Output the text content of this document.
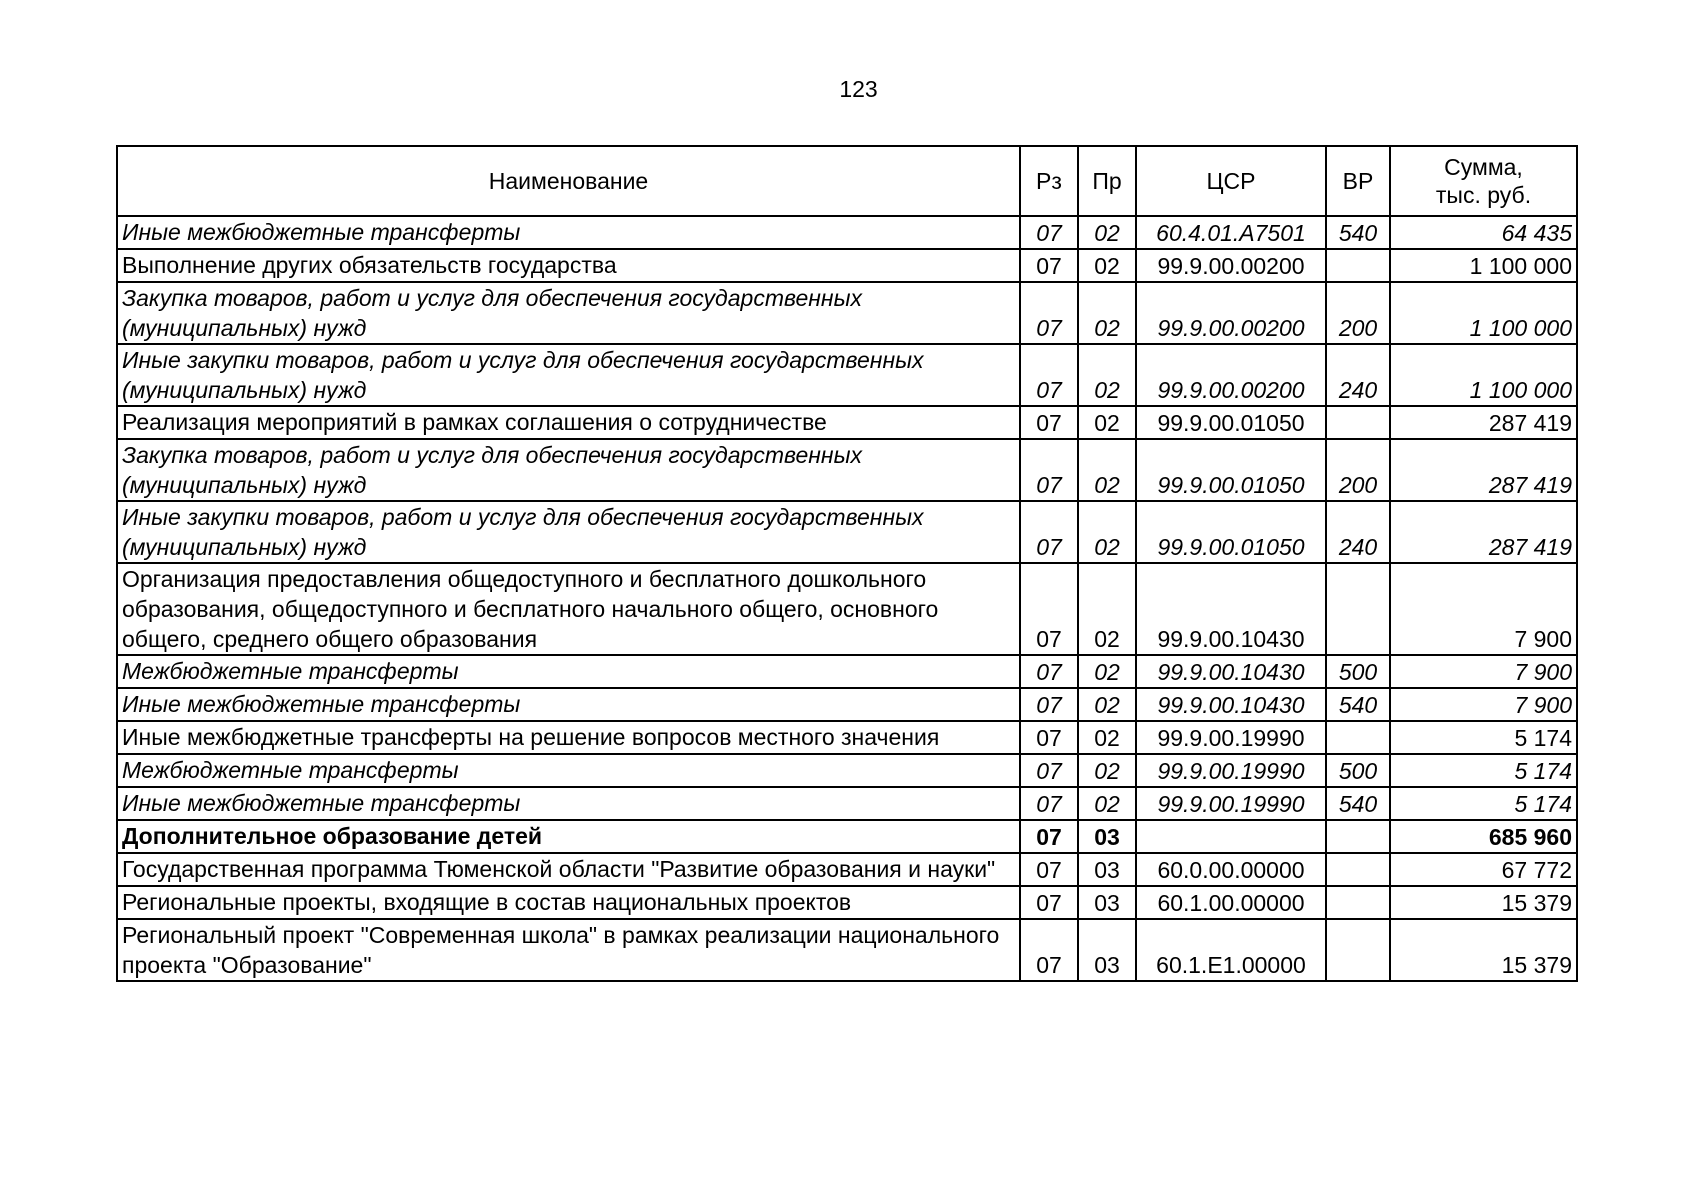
123
Наименование	Рз	Пр	ЦСР	ВР	Сумма,
тыс. руб.

Иные межбюджетные трансферты	07	02	60.4.01.А7501	540	64 435
Выполнение других обязательств государства	07	02	99.9.00.00200		1 100 000
Закупка товаров, работ и услуг для обеспечения государственных (муниципальных) нужд	07	02	99.9.00.00200	200	1 100 000
Иные закупки товаров, работ и услуг для обеспечения государственных (муниципальных) нужд	07	02	99.9.00.00200	240	1 100 000
Реализация мероприятий в рамках соглашения о сотрудничестве	07	02	99.9.00.01050		287 419
Закупка товаров, работ и услуг для обеспечения государственных (муниципальных) нужд	07	02	99.9.00.01050	200	287 419
Иные закупки товаров, работ и услуг для обеспечения государственных (муниципальных) нужд	07	02	99.9.00.01050	240	287 419
Организация предоставления общедоступного и бесплатного дошкольного образования, общедоступного и бесплатного начального общего, основного общего, среднего общего образования	07	02	99.9.00.10430		7 900
Межбюджетные трансферты	07	02	99.9.00.10430	500	7 900
Иные межбюджетные трансферты	07	02	99.9.00.10430	540	7 900
Иные межбюджетные трансферты на решение вопросов местного значения	07	02	99.9.00.19990		5 174
Межбюджетные трансферты	07	02	99.9.00.19990	500	5 174
Иные межбюджетные трансферты	07	02	99.9.00.19990	540	5 174
Дополнительное образование детей	07	03			685 960
Государственная программа Тюменской области "Развитие образования и науки"	07	03	60.0.00.00000		67 772
Региональные проекты, входящие в состав национальных проектов	07	03	60.1.00.00000		15 379
Региональный проект "Современная школа" в рамках реализации национального проекта "Образование"	07	03	60.1.Е1.00000		15 379
